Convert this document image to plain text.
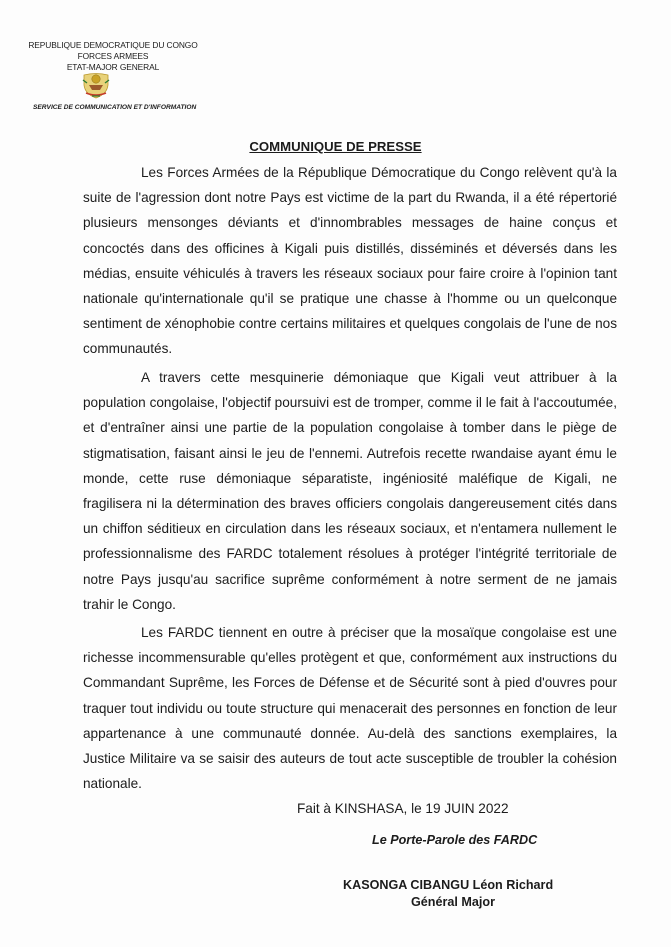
REPUBLIQUE DEMOCRATIQUE DU CONGO
FORCES ARMEES
ETAT-MAJOR GENERAL
SERVICE DE COMMUNICATION ET D'INFORMATION
COMMUNIQUE DE PRESSE

Les Forces Armées de la République Démocratique du Congo relèvent qu'à la suite de l'agression dont notre Pays est victime de la part du Rwanda, il a été répertorié plusieurs mensonges déviants et d'innombrables messages de haine conçus et concoctés dans des officines à Kigali puis distillés, disséminés et déversés dans les médias, ensuite véhiculés à travers les réseaux sociaux pour faire croire à l'opinion tant nationale qu'internationale qu'il se pratique une chasse à l'homme ou un quelconque sentiment de xénophobie contre certains militaires et quelques congolais de l'une de nos communautés.

A travers cette mesquinerie démoniaque que Kigali veut attribuer à la population congolaise, l'objectif poursuivi est de tromper, comme il le fait à l'accoutumée, et d'entraîner ainsi une partie de la population congolaise à tomber dans le piège de stigmatisation, faisant ainsi le jeu de l'ennemi. Autrefois recette rwandaise ayant ému le monde, cette ruse démoniaque séparatiste, ingéniosité maléfique de Kigali, ne fragilisera ni la détermination des braves officiers congolais dangereusement cités dans un chiffon séditieux en circulation dans les réseaux sociaux, et n'entamera nullement le professionnalisme des FARDC totalement résolues à protéger l'intégrité territoriale de notre Pays jusqu'au sacrifice suprême conformément à notre serment de ne jamais trahir le Congo.

Les FARDC tiennent en outre à préciser que la mosaïque congolaise est une richesse incommensurable qu'elles protègent et que, conformément aux instructions du Commandant Suprême, les Forces de Défense et de Sécurité sont à pied d'ouvres pour traquer tout individu ou toute structure qui menacerait des personnes en fonction de leur appartenance à une communauté donnée. Au-delà des sanctions exemplaires, la Justice Militaire va se saisir des auteurs de tout acte susceptible de troubler la cohésion nationale.

Fait à KINSHASA, le 19 JUIN 2022
Le Porte-Parole des FARDC
KASONGA CIBANGU Léon Richard
Général Major
